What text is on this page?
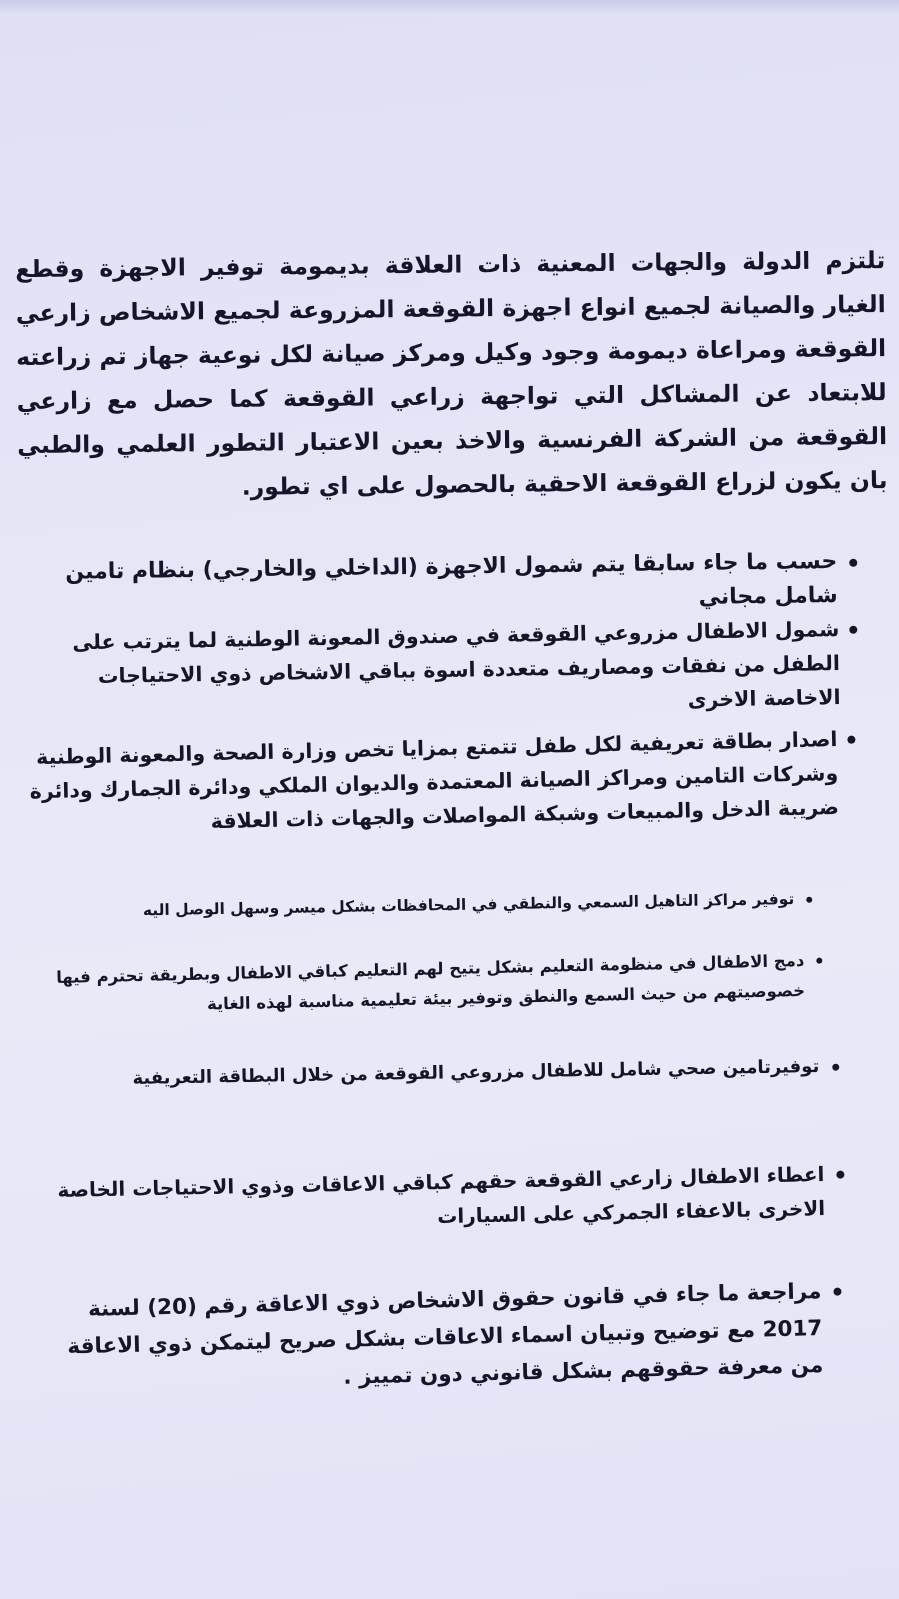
تلتزم الدولة والجهات المعنية ذات العلاقة بديمومة توفير الاجهزة وقطع الغيار والصيانة لجميع انواع اجهزة القوقعة المزروعة لجميع الاشخاص زارعي القوقعة ومراعاة ديمومة وجود وكيل ومركز صيانة لكل نوعية جهاز تم زراعته للابتعاد عن المشاكل التي تواجهة زراعي القوقعة كما حصل مع زارعي القوقعة من الشركة الفرنسية والاخذ بعين الاعتبار التطور العلمي والطبي بان يكون لزراع القوقعة الاحقية بالحصول على اي تطور.

حسب ما جاء سابقا يتم شمول الاجهزة (الداخلي والخارجي) بنظام تامين شامل مجاني
شمول الاطفال مزروعي القوقعة في صندوق المعونة الوطنية لما يترتب على الطفل من نفقات ومصاريف متعددة اسوة بباقي الاشخاص ذوي الاحتياجات الاخاصة الاخرى
اصدار بطاقة تعريفية لكل طفل تتمتع بمزايا تخص وزارة الصحة والمعونة الوطنية وشركات التامين ومراكز الصيانة المعتمدة والديوان الملكي ودائرة الجمارك ودائرة ضريبة الدخل والمبيعات وشبكة المواصلات والجهات ذات العلاقة
توفير مراكز التاهيل السمعي والنطقي في المحافظات بشكل ميسر وسهل الوصل اليه
دمج الاطفال في منظومة التعليم بشكل يتيح لهم التعليم كباقي الاطفال وبطريقة تحترم فيها خصوصيتهم من حيث السمع والنطق وتوفير بيئة تعليمية مناسبة لهذه الغاية
توفيرتامين صحي شامل للاطفال مزروعي القوقعة من خلال البطاقة التعريفية
اعطاء الاطفال زارعي القوقعة حقهم كباقي الاعاقات وذوي الاحتياجات الخاصة الاخرى بالاعفاء الجمركي على السيارات
مراجعة ما جاء في قانون حقوق الاشخاص ذوي الاعاقة رقم (20) لسنة 2017 مع توضيح وتبيان اسماء الاعاقات بشكل صريح ليتمكن ذوي الاعاقة من معرفة حقوقهم بشكل قانوني دون تمييز .
